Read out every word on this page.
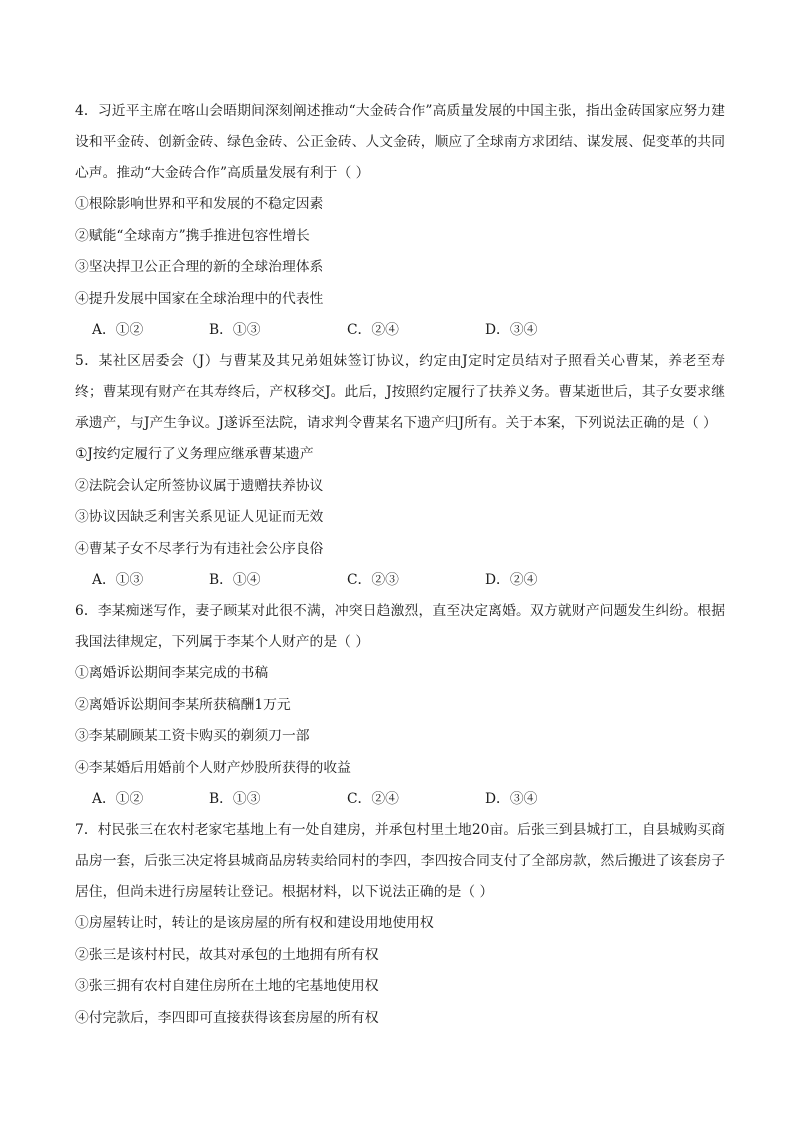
4．习近平主席在喀山会晤期间深刻阐述推动“大金砖合作”高质量发展的中国主张，指出金砖国家应努力建设和平金砖、创新金砖、绿色金砖、公正金砖、人文金砖，顺应了全球南方求团结、谋发展、促变革的共同心声。推动“大金砖合作”高质量发展有利于（ ）

①根除影响世界和平和发展的不稳定因素

②赋能“全球南方”携手推进包容性增长

③坚决捍卫公正合理的新的全球治理体系

④提升发展中国家在全球治理中的代表性

A．①②	B．①③	C．②④	D．③④

5．某社区居委会（J）与曹某及其兄弟姐妹签订协议，约定由J定时定员结对子照看关心曹某，养老至寿终；曹某现有财产在其寿终后，产权移交J。此后，J按照约定履行了扶养义务。曹某逝世后，其子女要求继承遗产，与J产生争议。J遂诉至法院，请求判令曹某名下遗产归J所有。关于本案，下列说法正确的是（ ）

①J按约定履行了义务理应继承曹某遗产

②法院会认定所签协议属于遗赠扶养协议

③协议因缺乏利害关系见证人见证而无效

④曹某子女不尽孝行为有违社会公序良俗

A．①③	B．①④	C．②③	D．②④

6．李某痴迷写作，妻子顾某对此很不满，冲突日趋激烈，直至决定离婚。双方就财产问题发生纠纷。根据我国法律规定，下列属于李某个人财产的是（ ）

①离婚诉讼期间李某完成的书稿

②离婚诉讼期间李某所获稿酬1万元

③李某刷顾某工资卡购买的剃须刀一部

④李某婚后用婚前个人财产炒股所获得的收益

A．①②	B．①③	C．②④	D．③④

7．村民张三在农村老家宅基地上有一处自建房，并承包村里土地20亩。后张三到县城打工，自县城购买商品房一套，后张三决定将县城商品房转卖给同村的李四，李四按合同支付了全部房款，然后搬进了该套房子居住，但尚未进行房屋转让登记。根据材料，以下说法正确的是（ ）

①房屋转让时，转让的是该房屋的所有权和建设用地使用权

②张三是该村村民，故其对承包的土地拥有所有权

③张三拥有农村自建住房所在土地的宅基地使用权

④付完款后，李四即可直接获得该套房屋的所有权
